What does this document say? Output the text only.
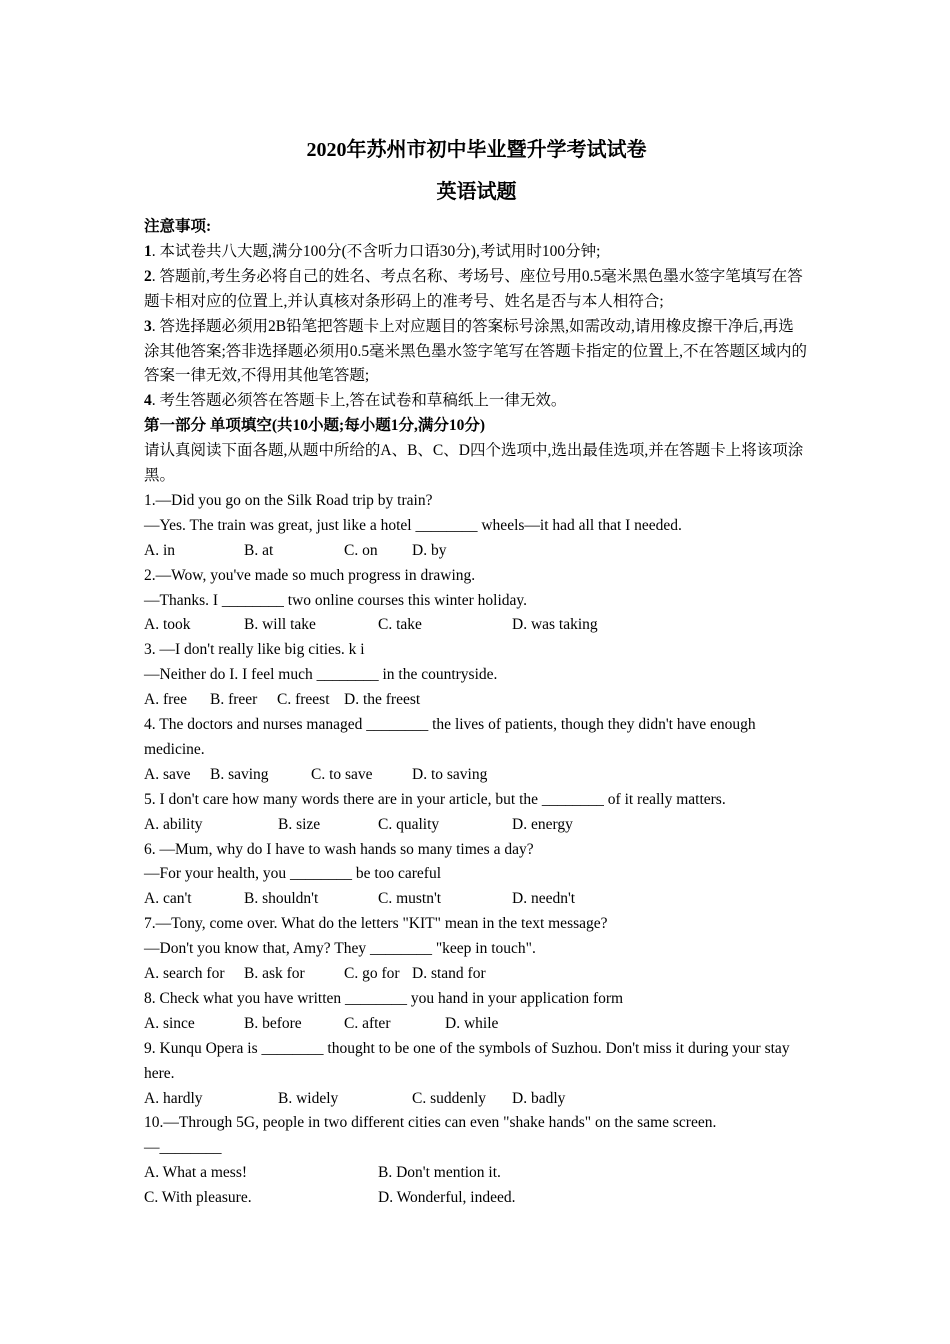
2020年苏州市初中毕业暨升学考试试卷
英语试题
注意事项:
1. 本试卷共八大题,满分100分(不含听力口语30分),考试用时100分钟;
2. 答题前,考生务必将自己的姓名、考点名称、考场号、座位号用0.5毫米黑色墨水签字笔填写在答题卡相对应的位置上,并认真核对条形码上的准考号、姓名是否与本人相符合;
3. 答选择题必须用2B铅笔把答题卡上对应题目的答案标号涂黑,如需改动,请用橡皮擦干净后,再选涂其他答案;答非选择题必须用0.5毫米黑色墨水签字笔写在答题卡指定的位置上,不在答题区域内的答案一律无效,不得用其他笔答题;
4. 考生答题必须答在答题卡上,答在试卷和草稿纸上一律无效。
第一部分 单项填空(共10小题;每小题1分,满分10分)
请认真阅读下面各题,从题中所给的A、B、C、D四个选项中,选出最佳选项,并在答题卡上将该项涂黑。
1.—Did you go on the Silk Road trip by train?
—Yes. The train was great, just like a hotel ________ wheels—it had all that I needed.
A. in	B. at	C. on D. by
2.—Wow, you've made so much progress in drawing.
—Thanks. I ________ two online courses this winter holiday.
A. took	B. will take	C. take	D. was taking
3. —I don't really like big cities. k i
—Neither do I. I feel much ________ in the countryside.
A. free B. freer C. freest D. the freest
4. The doctors and nurses managed ________ the lives of patients, though they didn't have enough medicine.
A. save B. saving	C. to save	D. to saving
5. I don't care how many words there are in your article, but the ________ of it really matters.
A. ability	B. size	C. quality	D. energy
6. —Mum, why do I have to wash hands so many times a day?
—For your health, you ________ be too careful
A. can't	B. shouldn't	C. mustn't	D. needn't
7.—Tony, come over. What do the letters "KIT" mean in the text message?
—Don't you know that, Amy? They ________ "keep in touch".
A. search for B. ask for	C. go for D. stand for
8. Check what you have written ________ you hand in your application form
A. since	B. before	C. after	D. while
9. Kunqu Opera is ________ thought to be one of the symbols of Suzhou. Don't miss it during your stay here.
A. hardly	B. widely	C. suddenly D. badly
10.—Through 5G, people in two different cities can even "shake hands" on the same screen.
—________
A. What a mess!	B. Don't mention it.
C. With pleasure.	D. Wonderful, indeed.
